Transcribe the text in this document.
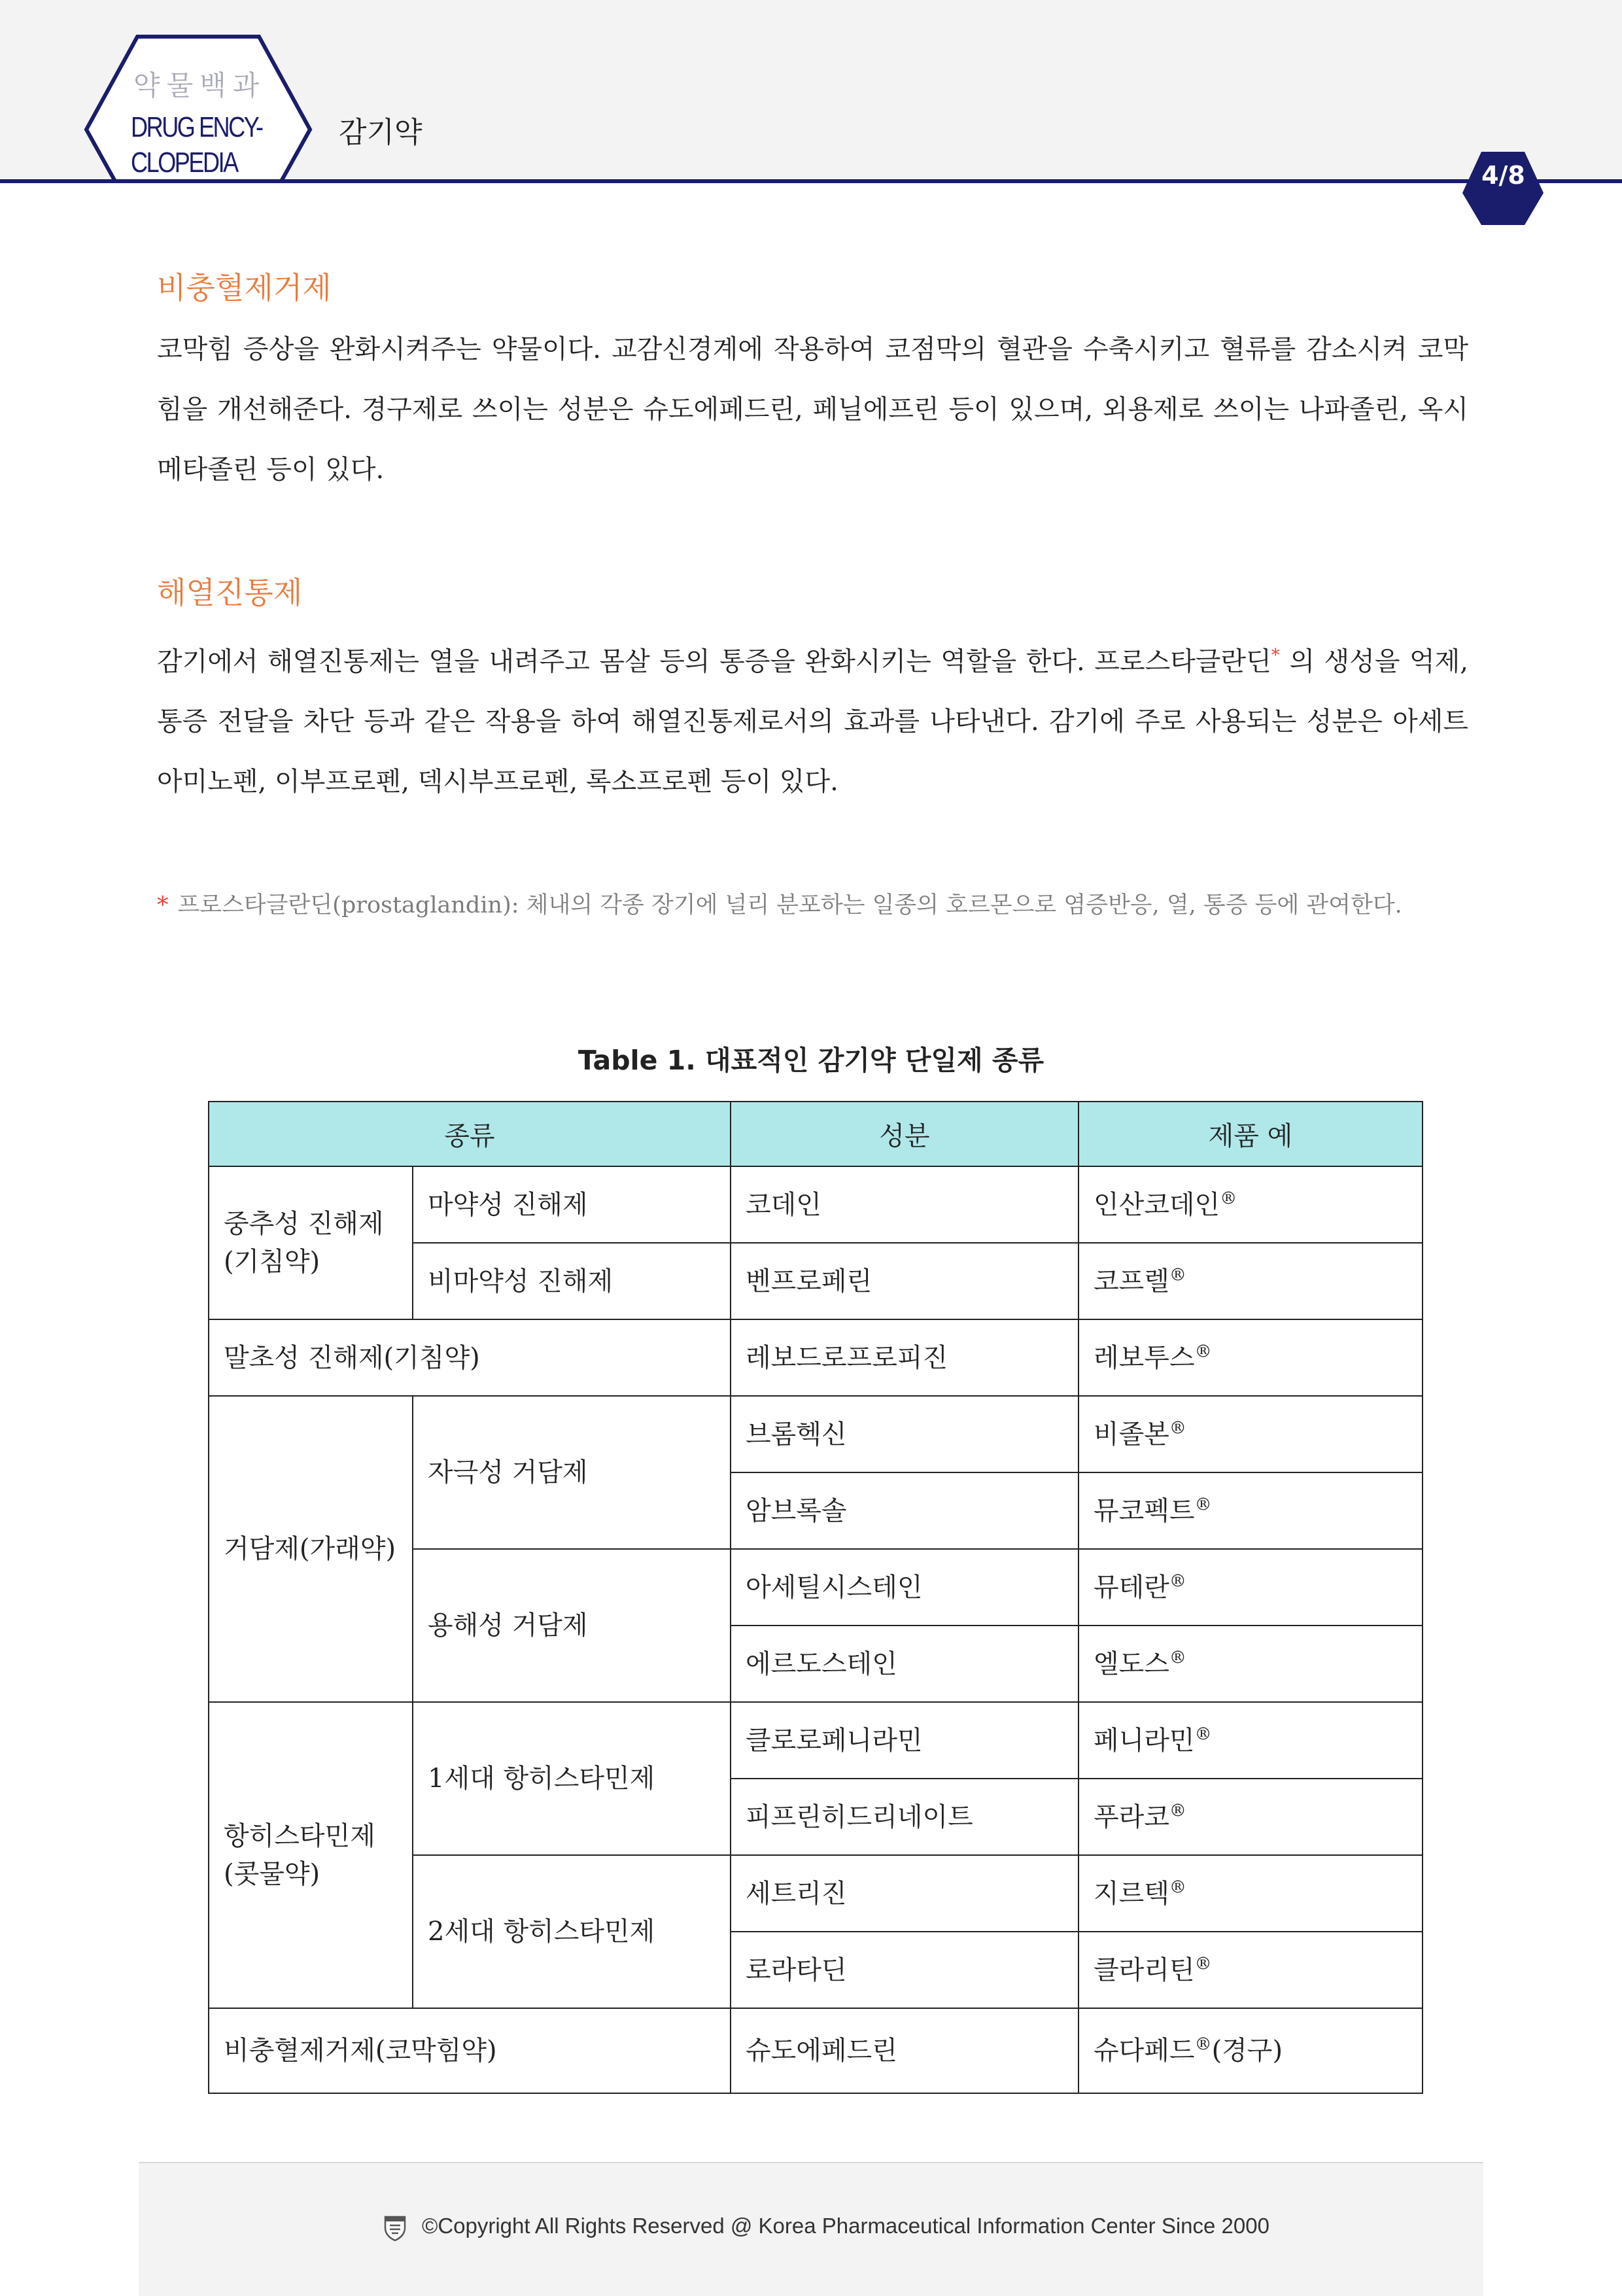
약물백과
DRUG ENCY-
CLOPEDIA
감기약
4/8
비충혈제거제

코막힘 증상을 완화시켜주는 약물이다. 교감신경계에 작용하여 코점막의 혈관을 수축시키고 혈류를 감소시켜 코막힘을 개선해준다. 경구제로 쓰이는 성분은 슈도에페드린, 페닐에프린 등이 있으며, 외용제로 쓰이는 나파졸린, 옥시메타졸린 등이 있다.

해열진통제

감기에서 해열진통제는 열을 내려주고 몸살 등의 통증을 완화시키는 역할을 한다. 프로스타글란딘* 의 생성을 억제, 통증 전달을 차단 등과 같은 작용을 하여 해열진통제로서의 효과를 나타낸다. 감기에 주로 사용되는 성분은 아세트아미노펜, 이부프로펜, 덱시부프로펜, 록소프로펜 등이 있다.

* 프로스타글란딘(prostaglandin): 체내의 각종 장기에 널리 분포하는 일종의 호르몬으로 염증반응, 열, 통증 등에 관여한다.

Table 1. 대표적인 감기약 단일제 종류
종류		성분	제품 예
중추성 진해제(기침약)	마약성 진해제	코데인	인산코데인®
	비마약성 진해제	벤프로페린	코프렐®
말초성 진해제(기침약)		레보드로프로피진	레보투스®
거담제(가래약)	자극성 거담제	브롬헥신	비졸본®
		암브록솔	뮤코펙트®
	용해성 거담제	아세틸시스테인	뮤테란®
		에르도스테인	엘도스®
항히스타민제(콧물약)	1세대 항히스타민제	클로로페니라민	페니라민®
		피프린히드리네이트	푸라코®
	2세대 항히스타민제	세트리진	지르텍®
		로라타딘	클라리틴®
비충혈제거제(코막힘약)		슈도에페드린	슈다페드®(경구)
©Copyright All Rights Reserved @ Korea Pharmaceutical Information Center Since 2000
